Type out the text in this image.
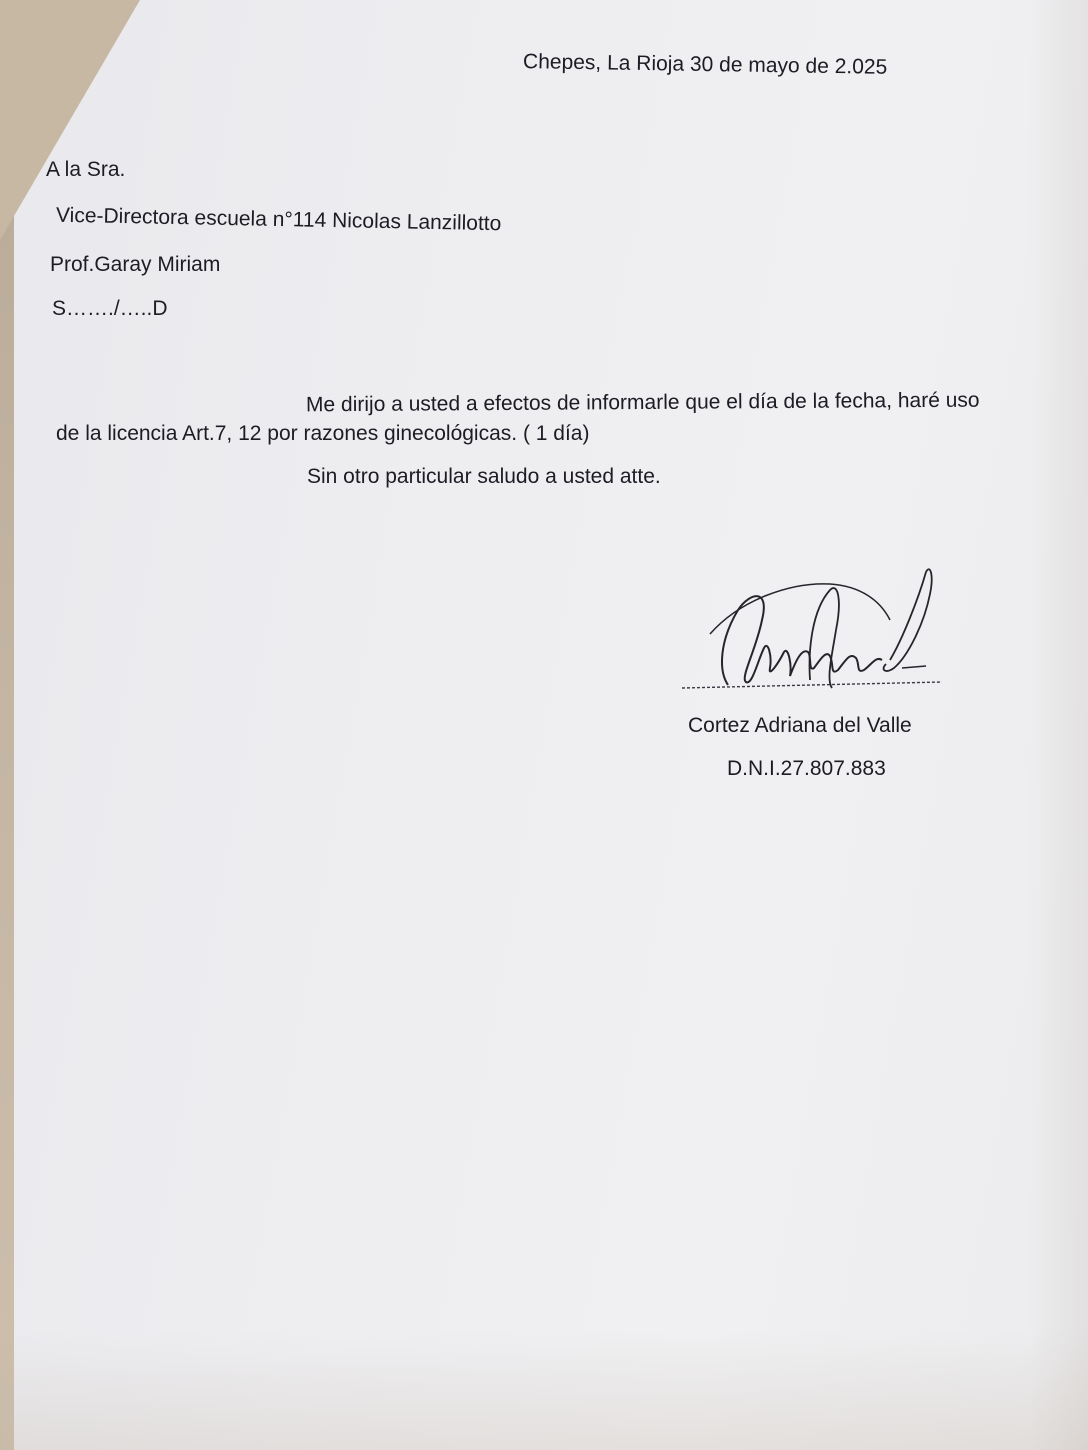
Chepes, La Rioja 30 de mayo de 2.025
A la Sra.
Vice-Directora escuela n°114 Nicolas Lanzillotto
Prof.Garay Miriam
S……./…..D
Me dirijo a usted a efectos de informarle que el día de la fecha, haré uso
de la licencia Art.7, 12 por razones ginecológicas. ( 1 día)
Sin otro particular saludo a usted atte.
Cortez Adriana del Valle
D.N.I.27.807.883
